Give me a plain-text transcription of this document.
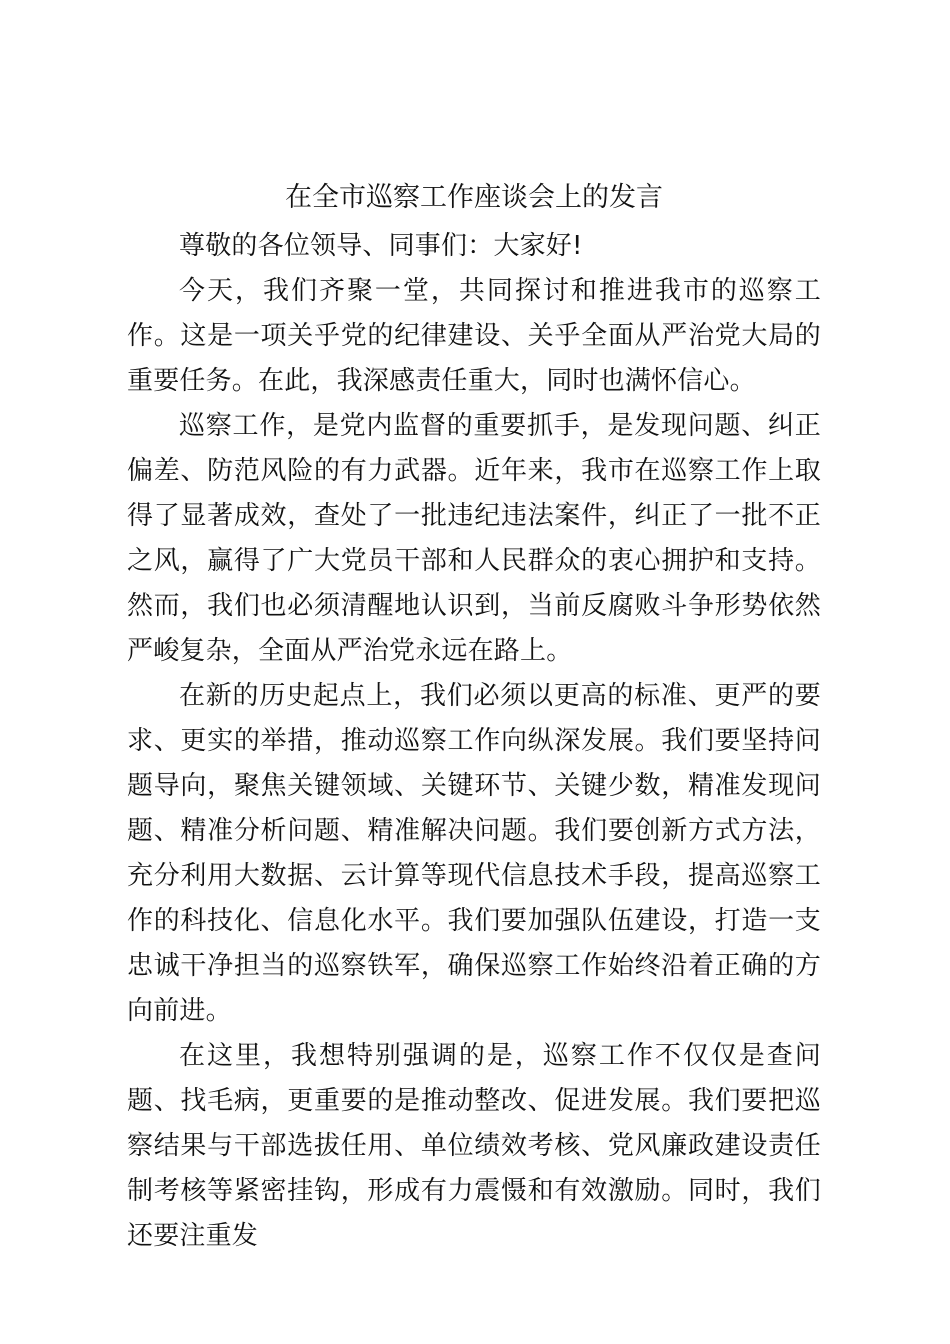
在全市巡察工作座谈会上的发言

尊敬的各位领导、同事们：大家好!

今天，我们齐聚一堂，共同探讨和推进我市的巡察工作。这是一项关乎党的纪律建设、关乎全面从严治党大局的重要任务。在此，我深感责任重大，同时也满怀信心。

巡察工作，是党内监督的重要抓手，是发现问题、纠正偏差、防范风险的有力武器。近年来，我市在巡察工作上取得了显著成效，查处了一批违纪违法案件，纠正了一批不正之风，赢得了广大党员干部和人民群众的衷心拥护和支持。然而，我们也必须清醒地认识到，当前反腐败斗争形势依然严峻复杂，全面从严治党永远在路上。

在新的历史起点上，我们必须以更高的标准、更严的要求、更实的举措，推动巡察工作向纵深发展。我们要坚持问题导向，聚焦关键领域、关键环节、关键少数，精准发现问题、精准分析问题、精准解决问题。我们要创新方式方法，充分利用大数据、云计算等现代信息技术手段，提高巡察工作的科技化、信息化水平。我们要加强队伍建设，打造一支忠诚干净担当的巡察铁军，确保巡察工作始终沿着正确的方向前进。

在这里，我想特别强调的是，巡察工作不仅仅是查问题、找毛病，更重要的是推动整改、促进发展。我们要把巡察结果与干部选拔任用、单位绩效考核、党风廉政建设责任制考核等紧密挂钩，形成有力震慑和有效激励。同时，我们还要注重发
